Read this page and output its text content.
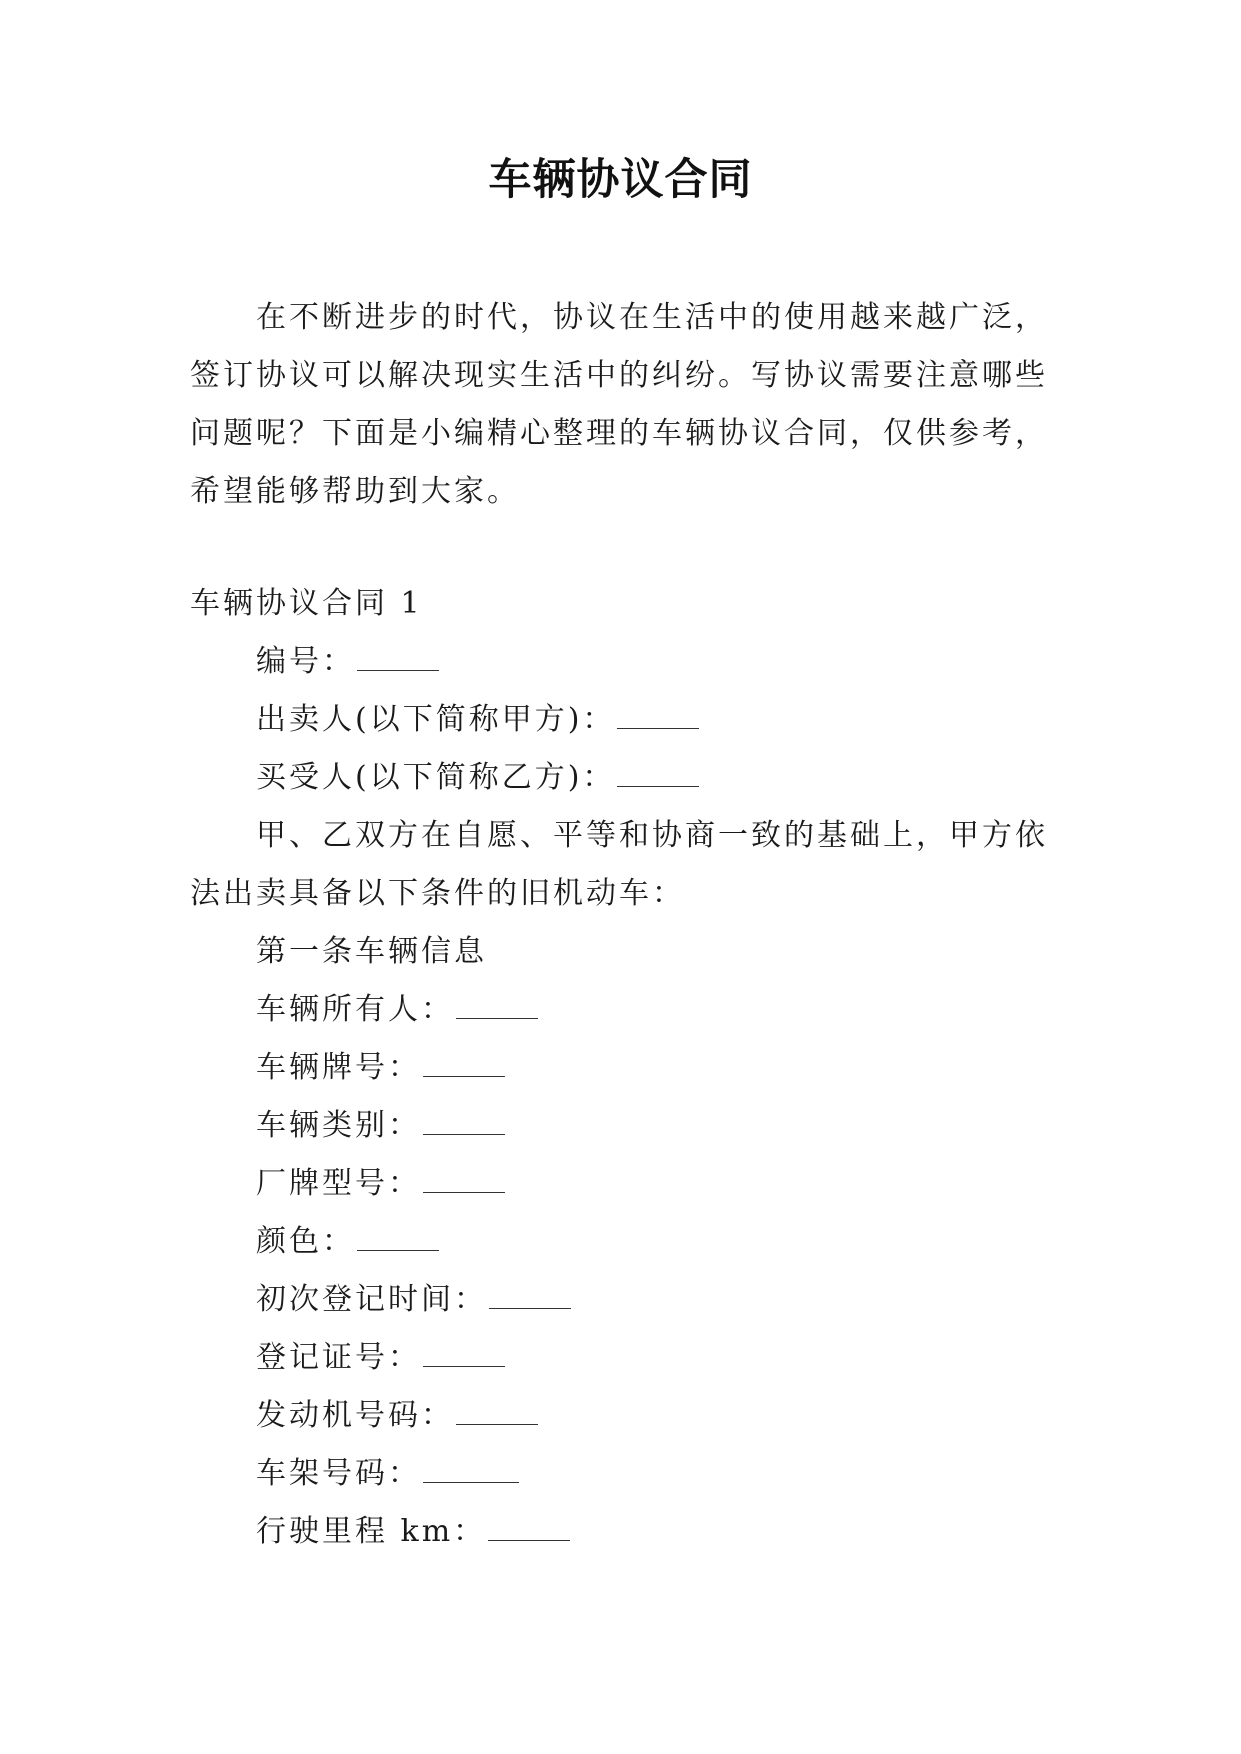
车辆协议合同

在不断进步的时代，协议在生活中的使用越来越广泛，签订协议可以解决现实生活中的纠纷。写协议需要注意哪些问题呢？下面是小编精心整理的车辆协议合同，仅供参考，希望能够帮助到大家。

车辆协议合同 1
编号：
出卖人(以下简称甲方)：
买受人(以下简称乙方)：
甲、乙双方在自愿、平等和协商一致的基础上，甲方依法出卖具备以下条件的旧机动车：
第一条车辆信息
车辆所有人：
车辆牌号：
车辆类别：
厂牌型号：
颜色：
初次登记时间：
登记证号：
发动机号码：
车架号码：
行驶里程 km：
